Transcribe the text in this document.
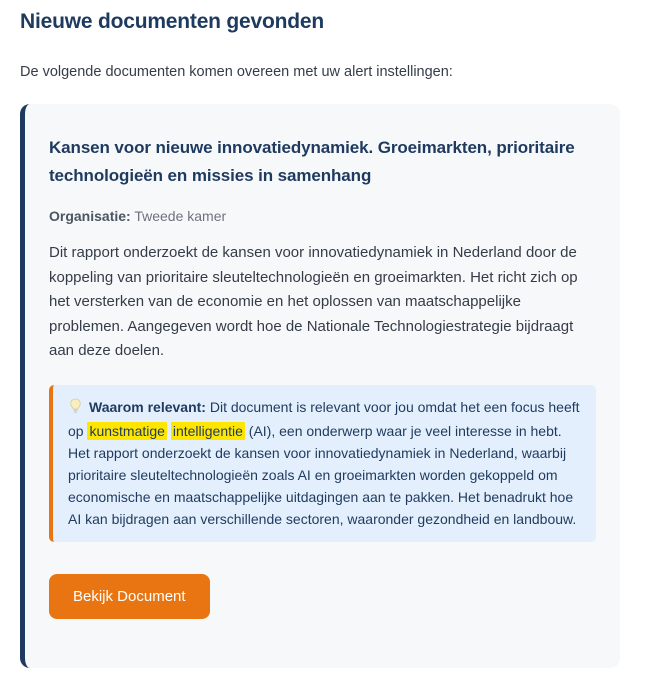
Nieuwe documenten gevonden

De volgende documenten komen overeen met uw alert instellingen:

Kansen voor nieuwe innovatiedynamiek. Groeimarkten, prioritaire technologieën en missies in samenhang

Organisatie: Tweede kamer

Dit rapport onderzoekt de kansen voor innovatiedynamiek in Nederland door de koppeling van prioritaire sleuteltechnologieën en groeimarkten. Het richt zich op het versterken van de economie en het oplossen van maatschappelijke problemen. Aangegeven wordt hoe de Nationale Technologiestrategie bijdraagt aan deze doelen.

Waarom relevant: Dit document is relevant voor jou omdat het een focus heeft op kunstmatige intelligentie (AI), een onderwerp waar je veel interesse in hebt. Het rapport onderzoekt de kansen voor innovatiedynamiek in Nederland, waarbij prioritaire sleuteltechnologieën zoals AI en groeimarkten worden gekoppeld om economische en maatschappelijke uitdagingen aan te pakken. Het benadrukt hoe AI kan bijdragen aan verschillende sectoren, waaronder gezondheid en landbouw.
Bekijk Document
